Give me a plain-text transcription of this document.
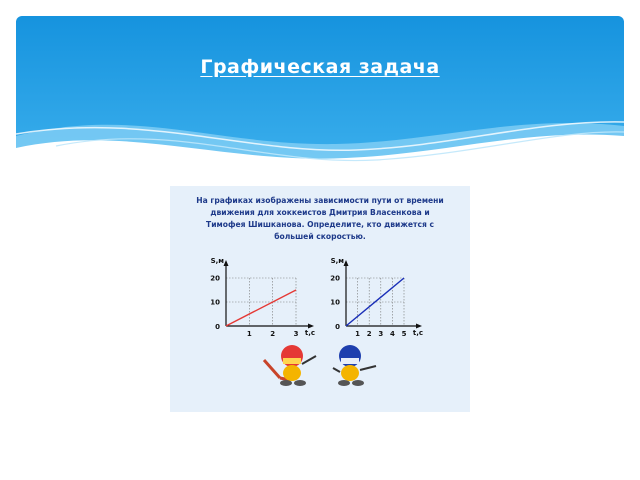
Графическая задача
На графиках изображены зависимости пути от времени
движения для хоккеистов Дмитрия Власенкова и
Тимофея Шишканова. Определите, кто движется с
большей скоростью.
S,м
t,c
0
10
20
1	2	3
S,м
t,c
0
10
20
1 2 3 4 5
